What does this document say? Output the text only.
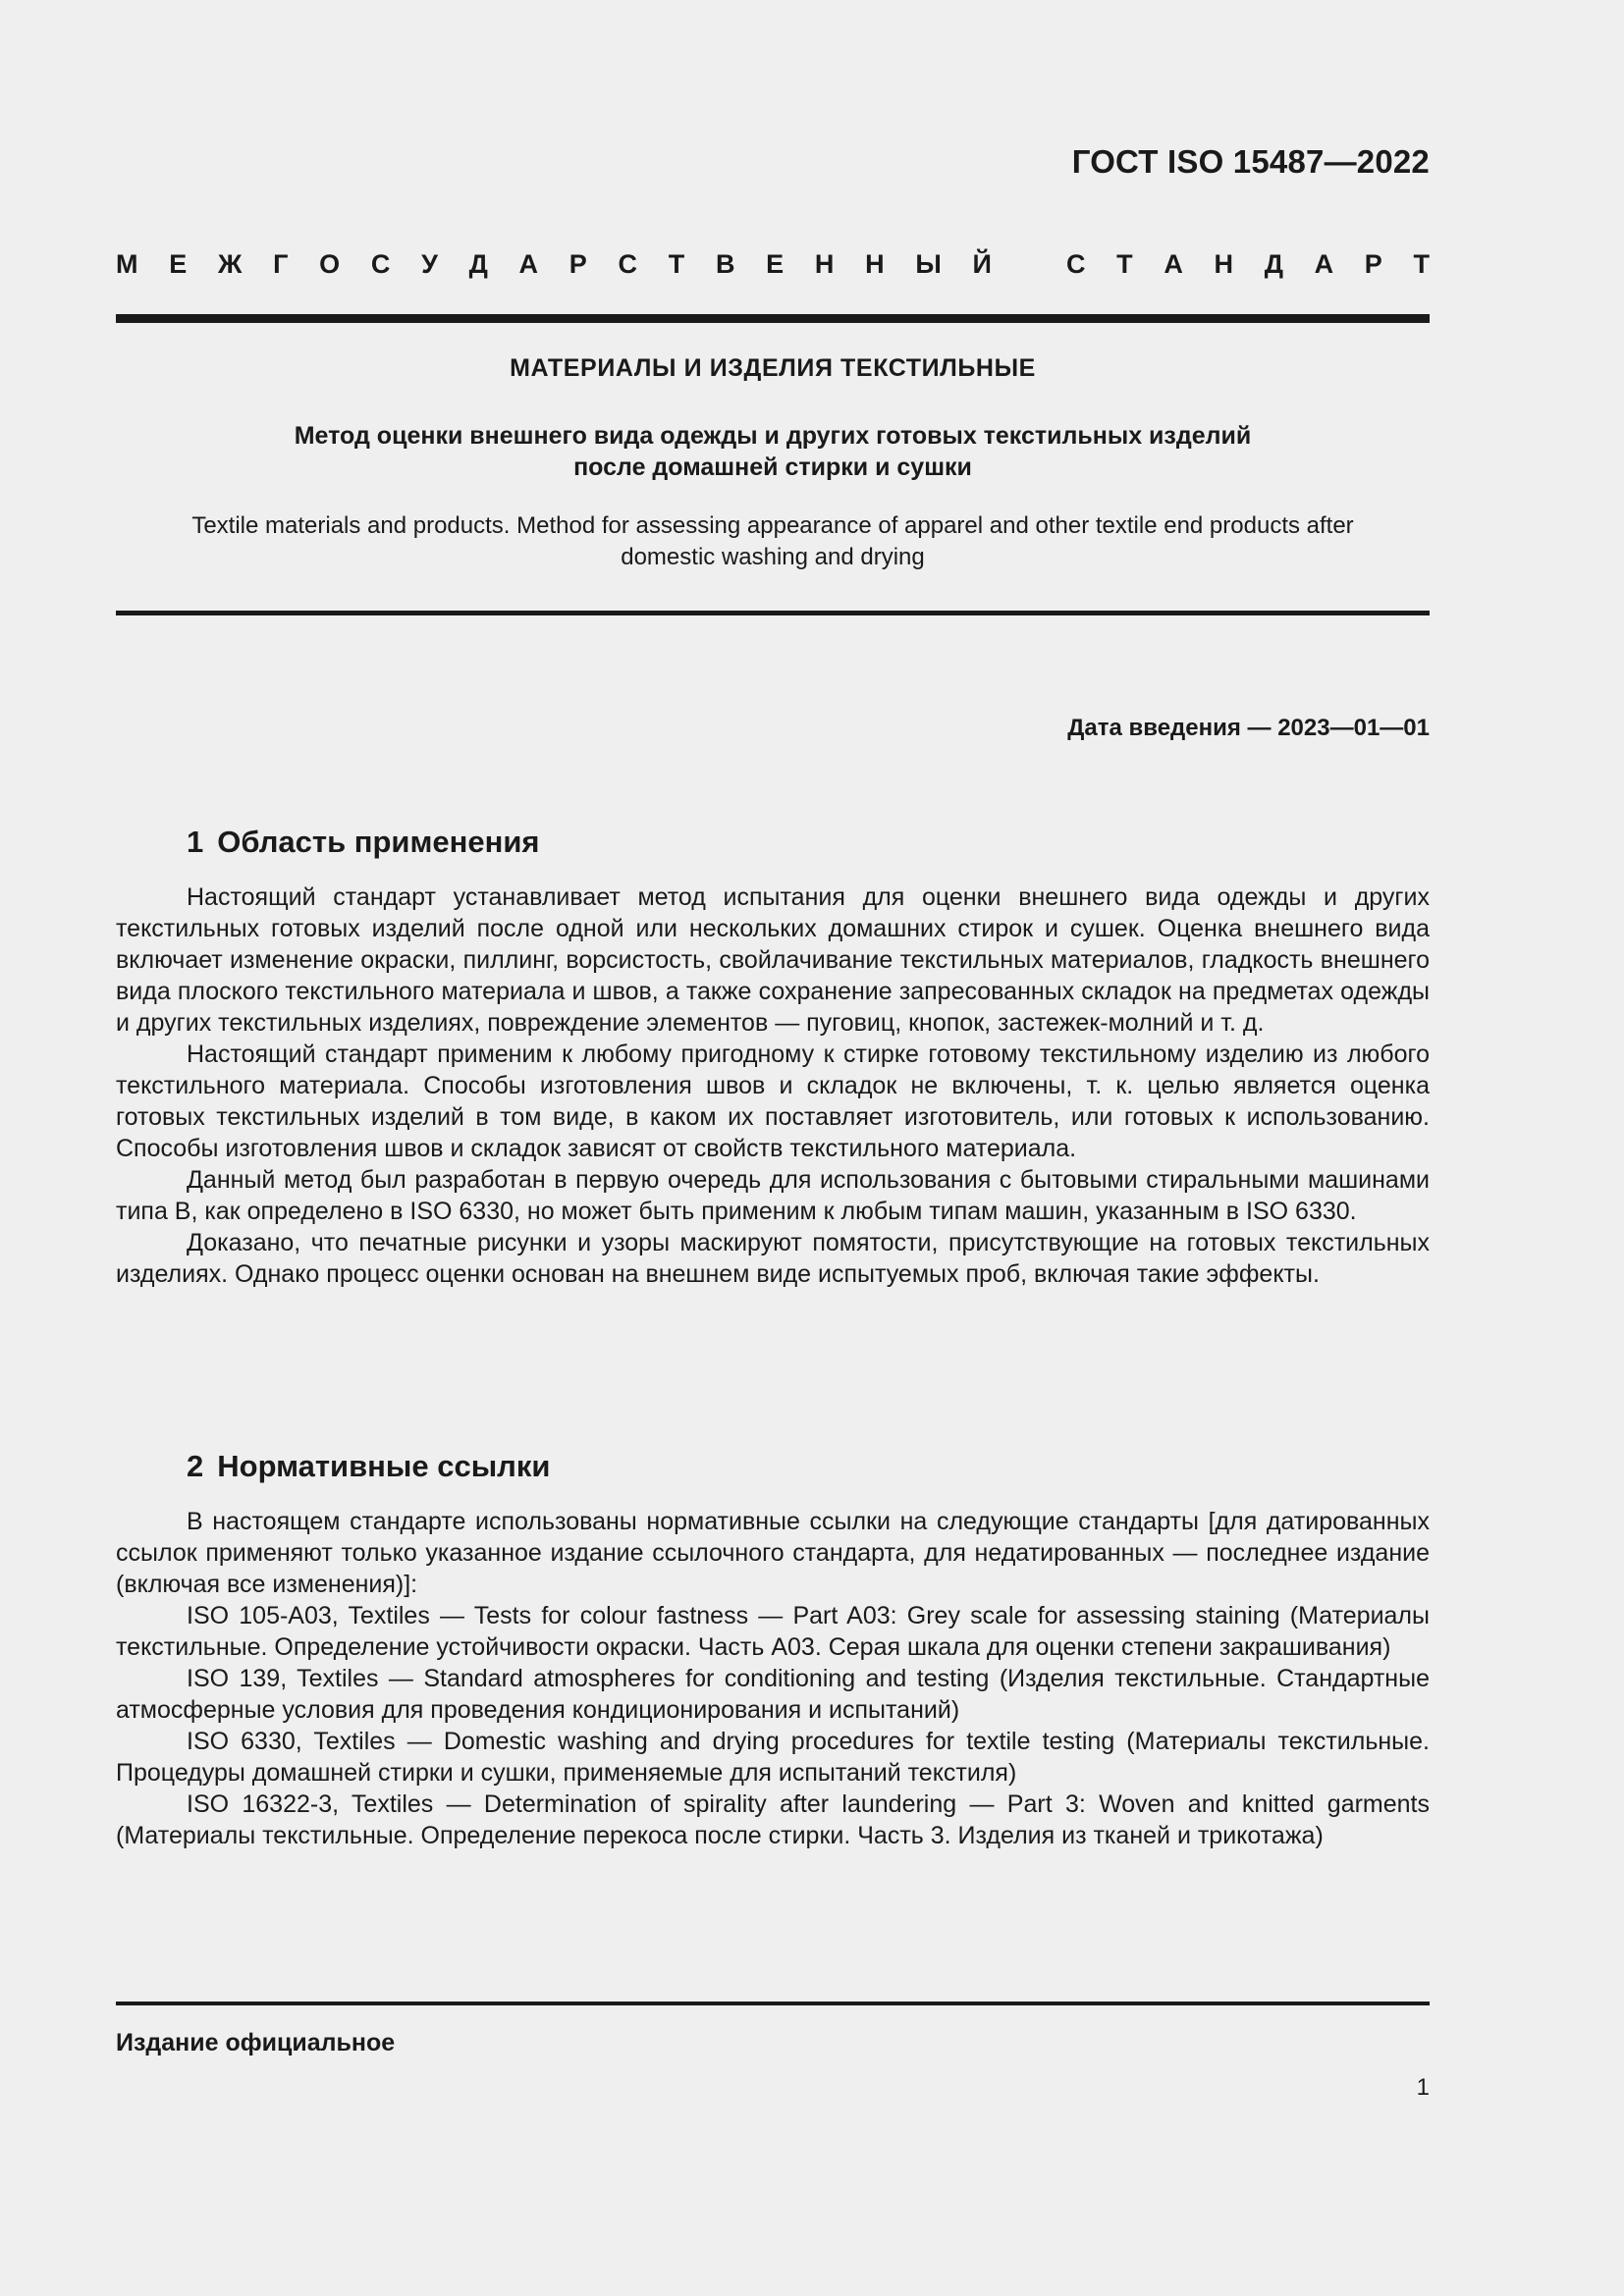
ГОСТ ISO 15487—2022
М Е Ж Г О С У Д А Р С Т В Е Н Н Ы Й	С Т А Н Д А Р Т
МАТЕРИАЛЫ И ИЗДЕЛИЯ ТЕКСТИЛЬНЫЕ
Метод оценки внешнего вида одежды и других готовых текстильных изделий
после домашней стирки и сушки
Textile materials and products. Method for assessing appearance of apparel and other textile end products after
domestic washing and drying
Дата введения — 2023—01—01
1 Область применения

Настоящий стандарт устанавливает метод испытания для оценки внешнего вида одежды и других текстильных готовых изделий после одной или нескольких домашних стирок и сушек. Оценка внешнего вида включает изменение окраски, пиллинг, ворсистость, свойлачивание текстильных материалов, гладкость внешнего вида плоского текстильного материала и швов, а также сохранение запресованных складок на предметах одежды и других текстильных изделиях, повреждение элементов — пуговиц, кнопок, застежек-молний и т. д.

Настоящий стандарт применим к любому пригодному к стирке готовому текстильному изделию из любого текстильного материала. Способы изготовления швов и складок не включены, т. к. целью является оценка готовых текстильных изделий в том виде, в каком их поставляет изготовитель, или готовых к использованию. Способы изготовления швов и складок зависят от свойств текстильного материала.

Данный метод был разработан в первую очередь для использования с бытовыми стиральными машинами типа В, как определено в ISO 6330, но может быть применим к любым типам машин, указанным в ISO 6330.

Доказано, что печатные рисунки и узоры маскируют помятости, присутствующие на готовых текстильных изделиях. Однако процесс оценки основан на внешнем виде испытуемых проб, включая такие эффекты.

2 Нормативные ссылки

В настоящем стандарте использованы нормативные ссылки на следующие стандарты [для датированных ссылок применяют только указанное издание ссылочного стандарта, для недатированных — последнее издание (включая все изменения)]:

ISO 105-A03, Textiles — Tests for colour fastness — Part A03: Grey scale for assessing staining (Материалы текстильные. Определение устойчивости окраски. Часть А03. Серая шкала для оценки степени закрашивания)

ISO 139, Textiles — Standard atmospheres for conditioning and testing (Изделия текстильные. Стандартные атмосферные условия для проведения кондиционирования и испытаний)

ISO 6330, Textiles — Domestic washing and drying procedures for textile testing (Материалы текстильные. Процедуры домашней стирки и сушки, применяемые для испытаний текстиля)

ISO 16322-3, Textiles — Determination of spirality after laundering — Part 3: Woven and knitted garments (Материалы текстильные. Определение перекоса после стирки. Часть 3. Изделия из тканей и трикотажа)

Издание официальное
1
